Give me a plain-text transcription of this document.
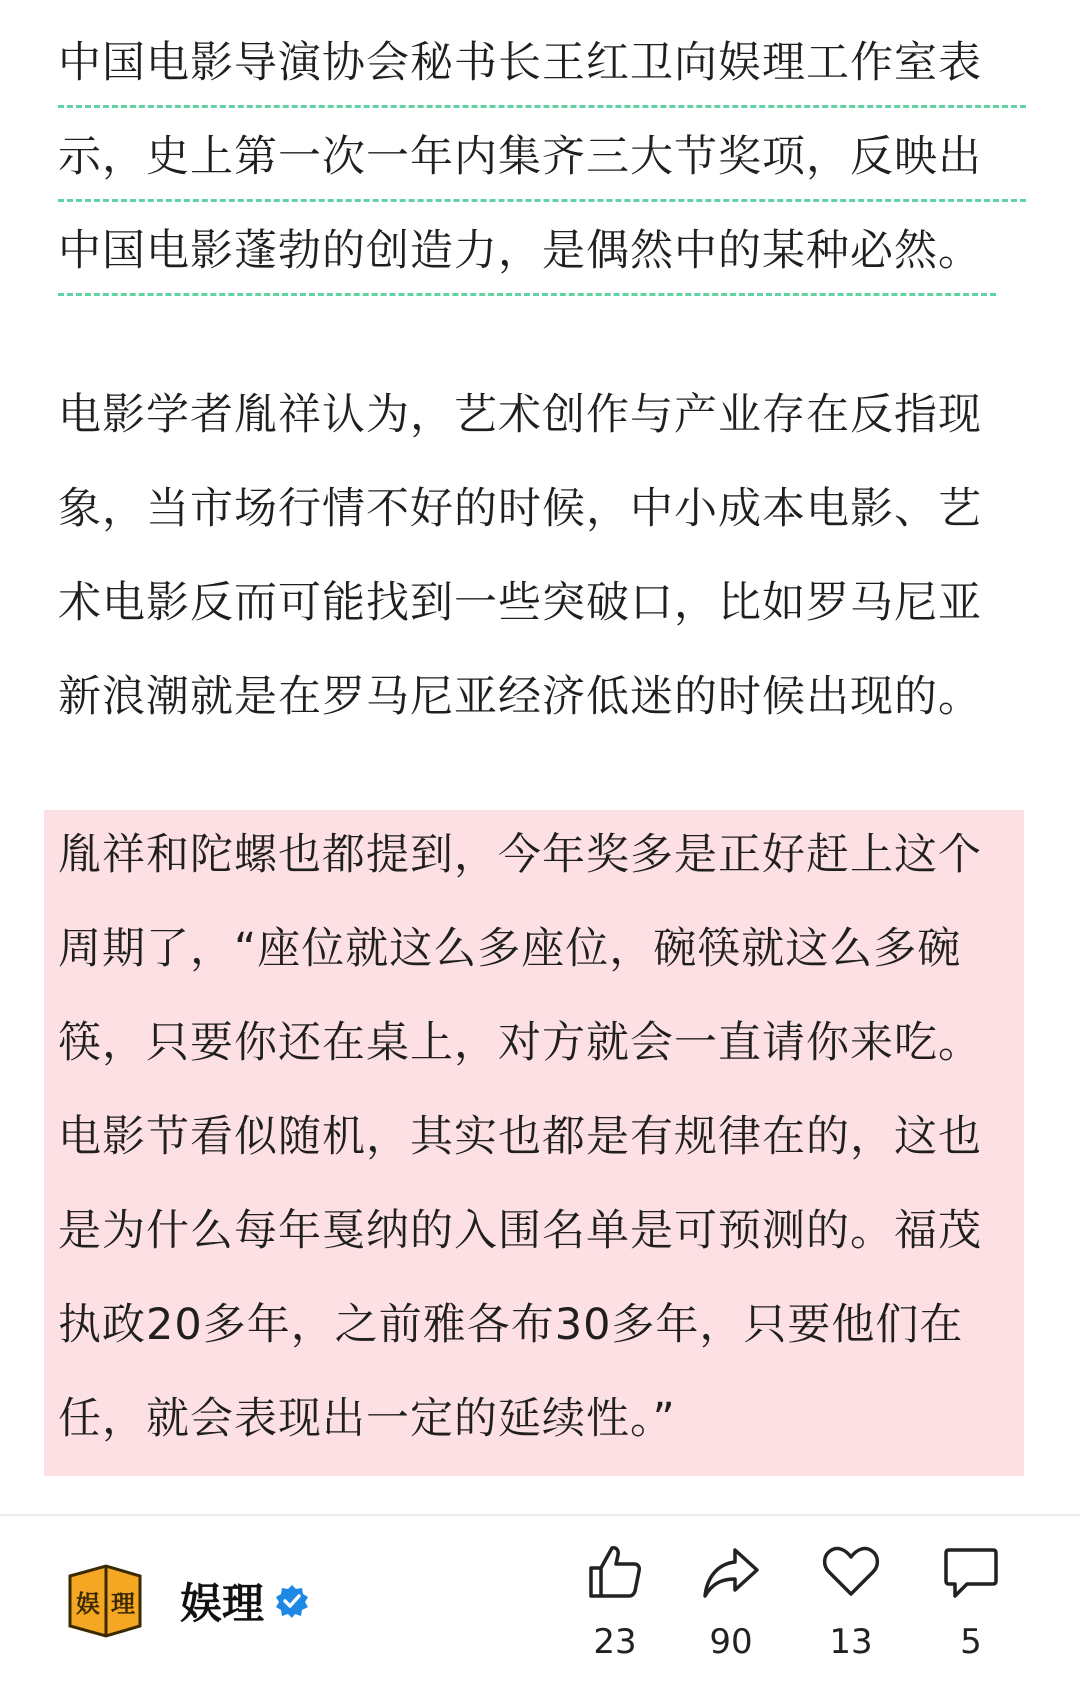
中国电影导演协会秘书长王红卫向娱理工作室表
示，史上第一次一年内集齐三大节奖项，反映出
中国电影蓬勃的创造力，是偶然中的某种必然。
电影学者胤祥认为，艺术创作与产业存在反指现
象，当市场行情不好的时候，中小成本电影、艺
术电影反而可能找到一些突破口，比如罗马尼亚
新浪潮就是在罗马尼亚经济低迷的时候出现的。
胤祥和陀螺也都提到，今年奖多是正好赶上这个
周期了，“座位就这么多座位，碗筷就这么多碗
筷，只要你还在桌上，对方就会一直请你来吃。
电影节看似随机，其实也都是有规律在的，这也
是为什么每年戛纳的入围名单是可预测的。福茂
执政20多年，之前雅各布30多年，只要他们在
任，就会表现出一定的延续性。”
娱 理 娱理
23	90	13	5
